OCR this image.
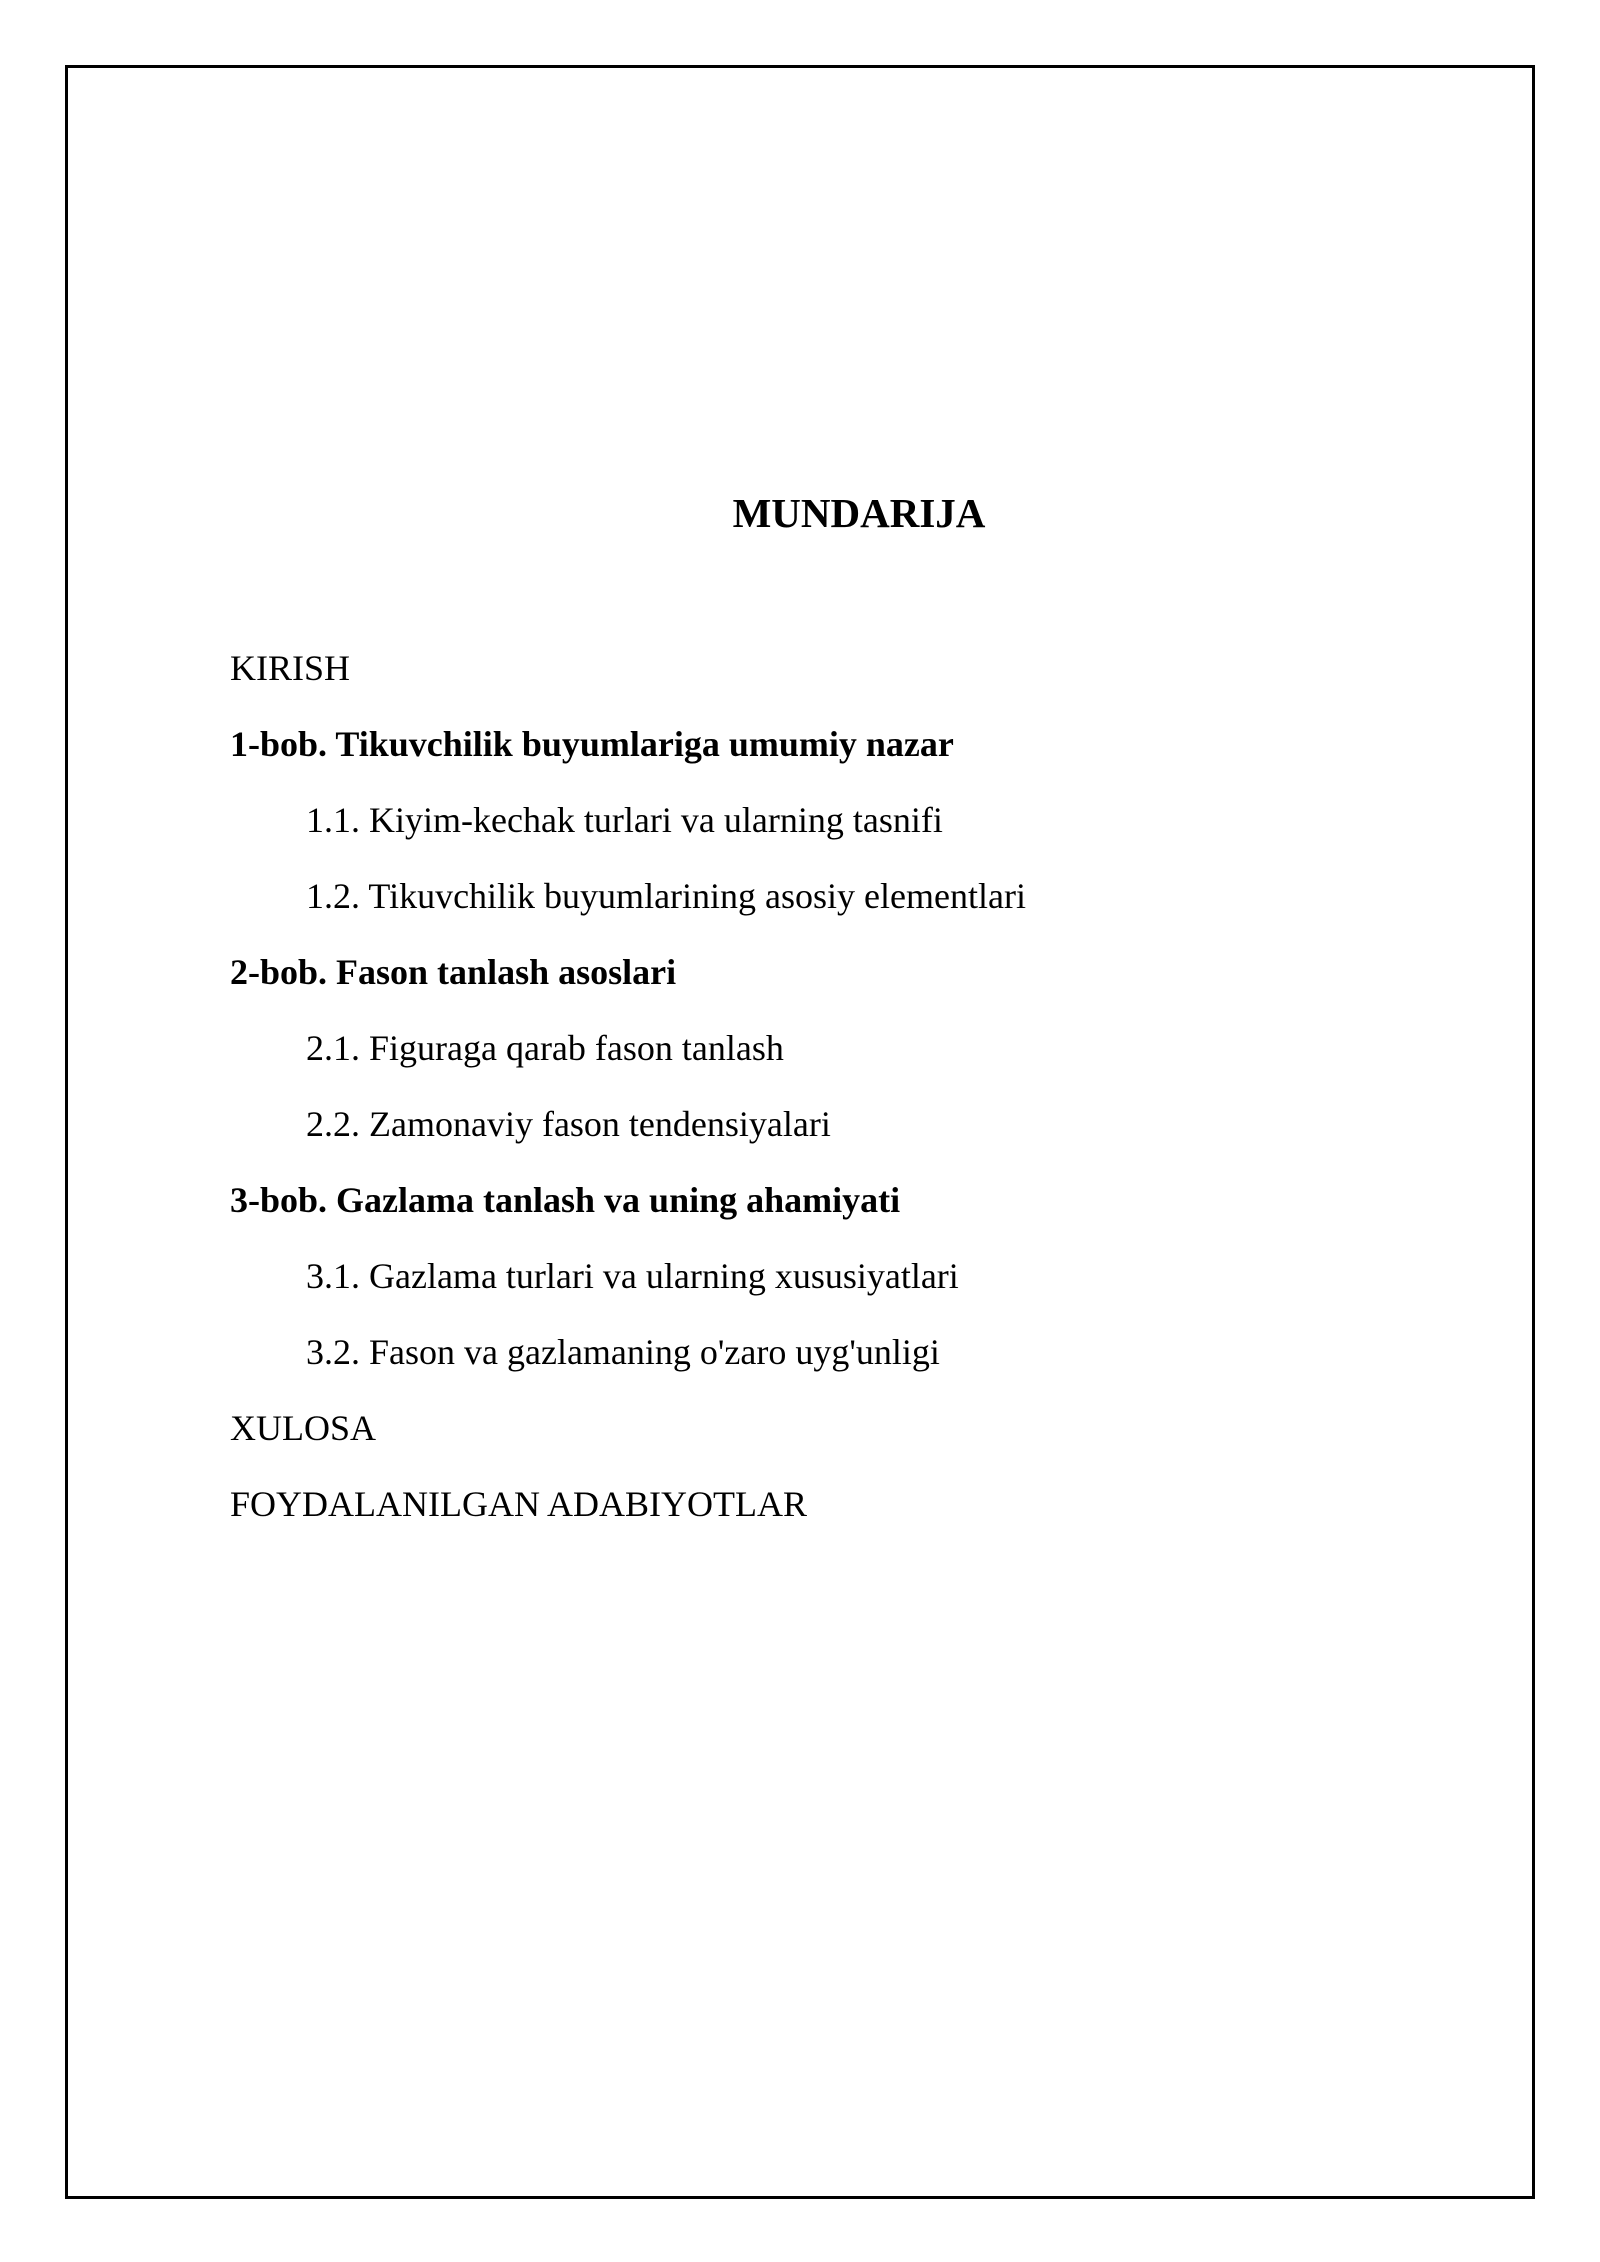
MUNDARIJA
KIRISH
1-bob. Tikuvchilik buyumlariga umumiy nazar
1.1. Kiyim-kechak turlari va ularning tasnifi
1.2. Tikuvchilik buyumlarining asosiy elementlari
2-bob. Fason tanlash asoslari
2.1. Figuraga qarab fason tanlash
2.2. Zamonaviy fason tendensiyalari
3-bob. Gazlama tanlash va uning ahamiyati
3.1. Gazlama turlari va ularning xususiyatlari
3.2. Fason va gazlamaning o'zaro uyg'unligi
XULOSA
FOYDALANILGAN ADABIYOTLAR
